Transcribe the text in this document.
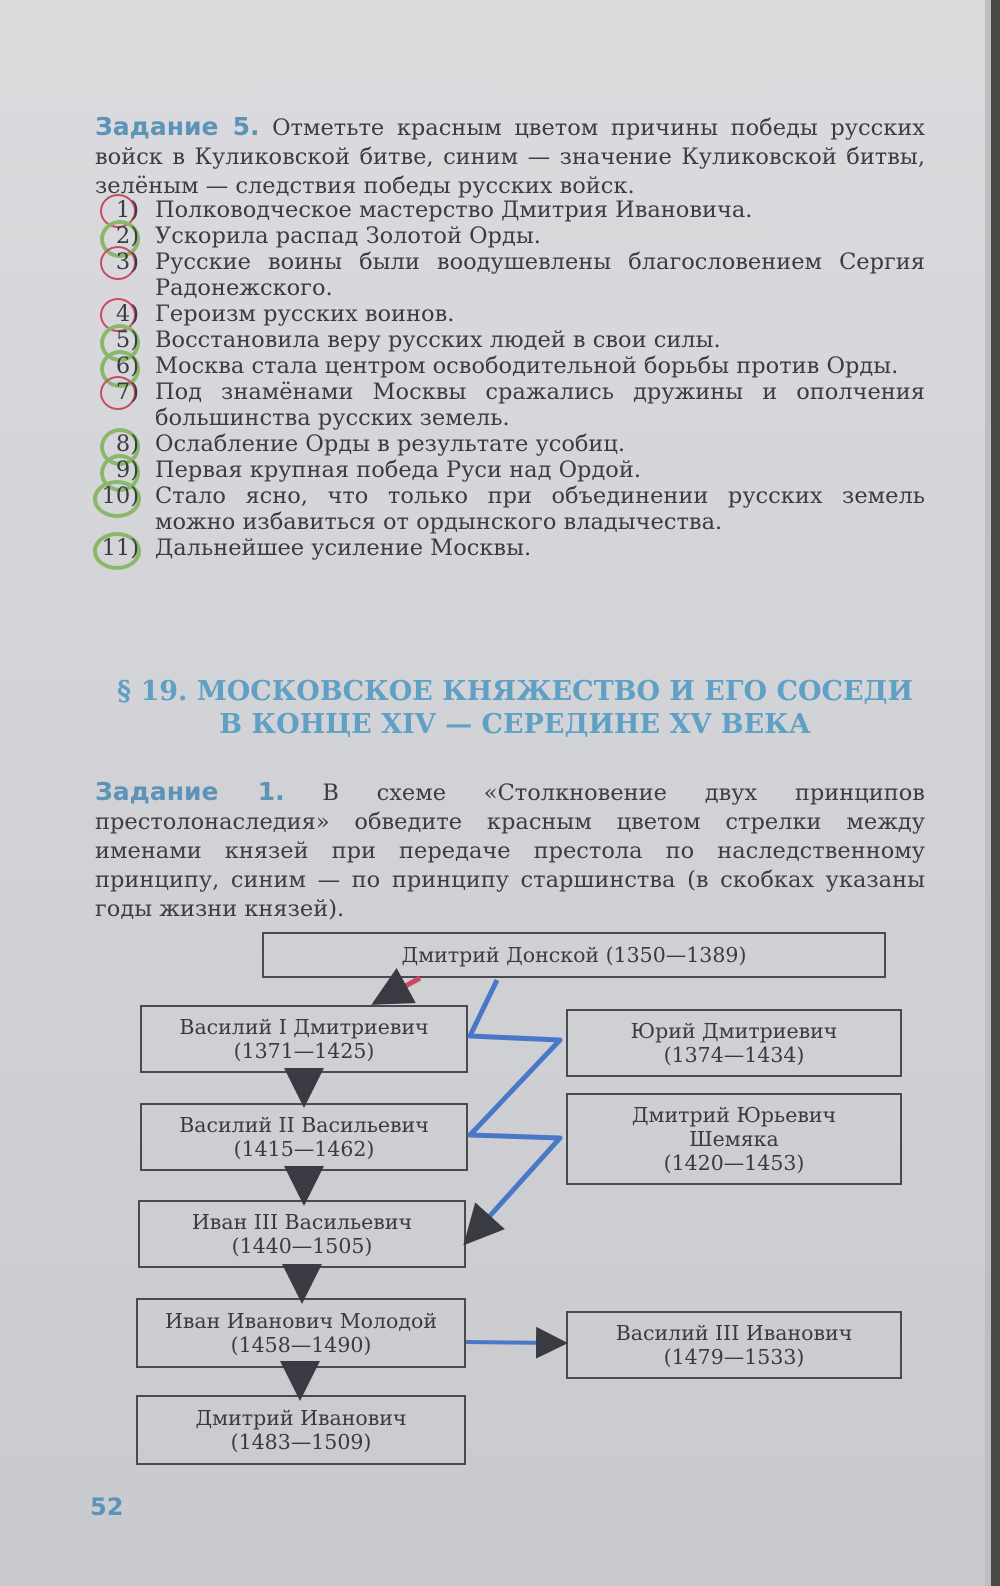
Задание 5. Отметьте красным цветом причины победы русских войск в Куликовской битве, синим — значение Куликовской битвы, зелёным — следствия победы русских войск.
1) Полководческое мастерство Дмитрия Ивановича.
2) Ускорила распад Золотой Орды.
3) Русские воины были воодушевлены благословением Сергия Радонежского.
4) Героизм русских воинов.
5) Восстановила веру русских людей в свои силы.
6) Москва стала центром освободительной борьбы против Орды.
7) Под знамёнами Москвы сражались дружины и ополчения большинства русских земель.
8) Ослабление Орды в результате усобиц.
9) Первая крупная победа Руси над Ордой.
10) Стало ясно, что только при объединении русских земель можно избавиться от ордынского владычества.
11) Дальнейшее усиление Москвы.
§ 19. МОСКОВСКОЕ КНЯЖЕСТВО И ЕГО СОСЕДИ
В КОНЦЕ XIV — СЕРЕДИНЕ XV ВЕКА
Задание 1. В схеме «Столкновение двух принципов престолонаследия» обведите красным цветом стрелки между именами князей при передаче престола по наследственному принципу, синим — по принципу старшинства (в скобках указаны годы жизни князей).
Дмитрий Донской (1350—1389)
Василий I Дмитриевич
(1371—1425)
Юрий Дмитриевич
(1374—1434)
Василий II Васильевич
(1415—1462)
Дмитрий Юрьевич
Шемяка
(1420—1453)
Иван III Васильевич
(1440—1505)
Иван Иванович Молодой
(1458—1490)	Василий III Иванович
(1479—1533)
Дмитрий Иванович
(1483—1509)
52
